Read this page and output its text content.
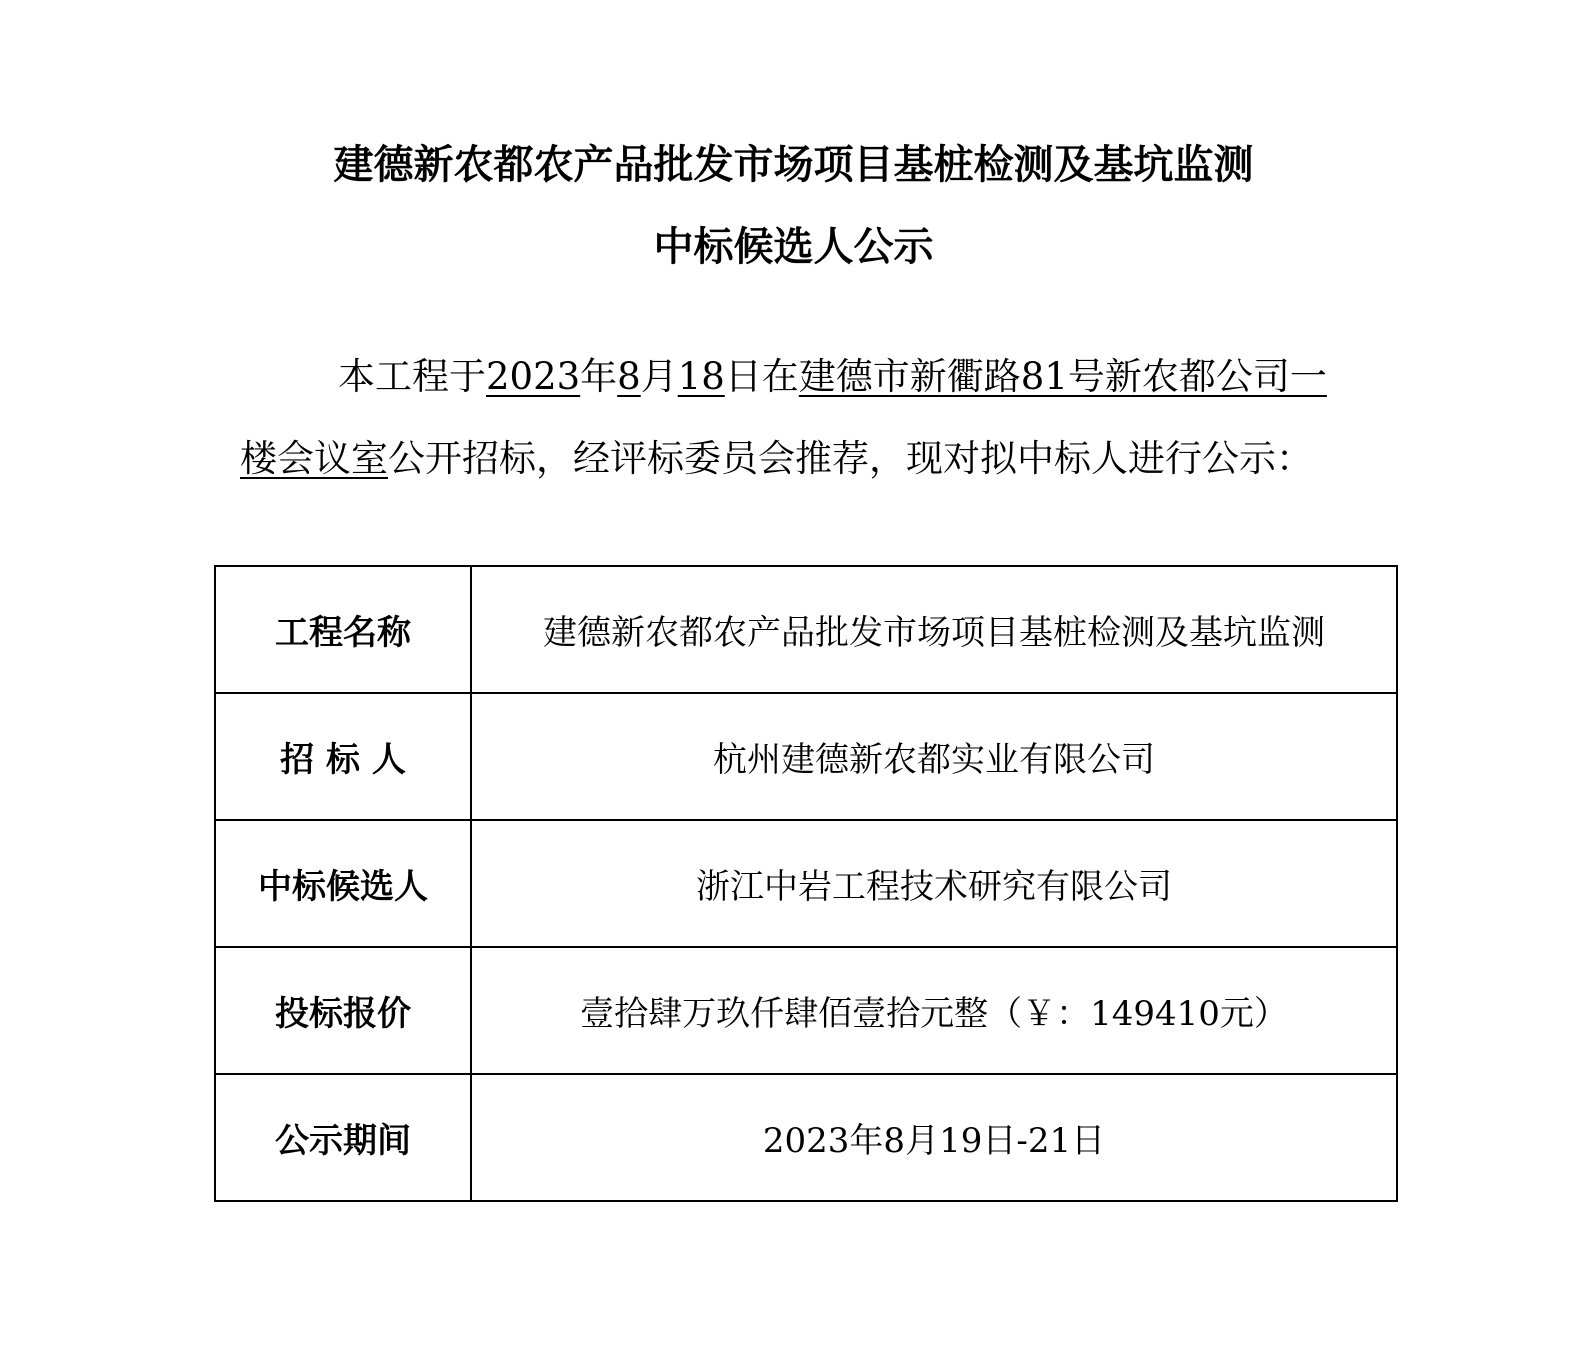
建德新农都农产品批发市场项目基桩检测及基坑监测
中标候选人公示

本工程于2023年8月18日在建德市新衢路81号新农都公司一楼会议室公开招标，经评标委员会推荐，现对拟中标人进行公示：

工程名称	建德新农都农产品批发市场项目基桩检测及基坑监测
招 标 人	杭州建德新农都实业有限公司
中标候选人	浙江中岩工程技术研究有限公司
投标报价	壹拾肆万玖仟肆佰壹拾元整（￥：149410元）
公示期间	2023年8月19日-21日
